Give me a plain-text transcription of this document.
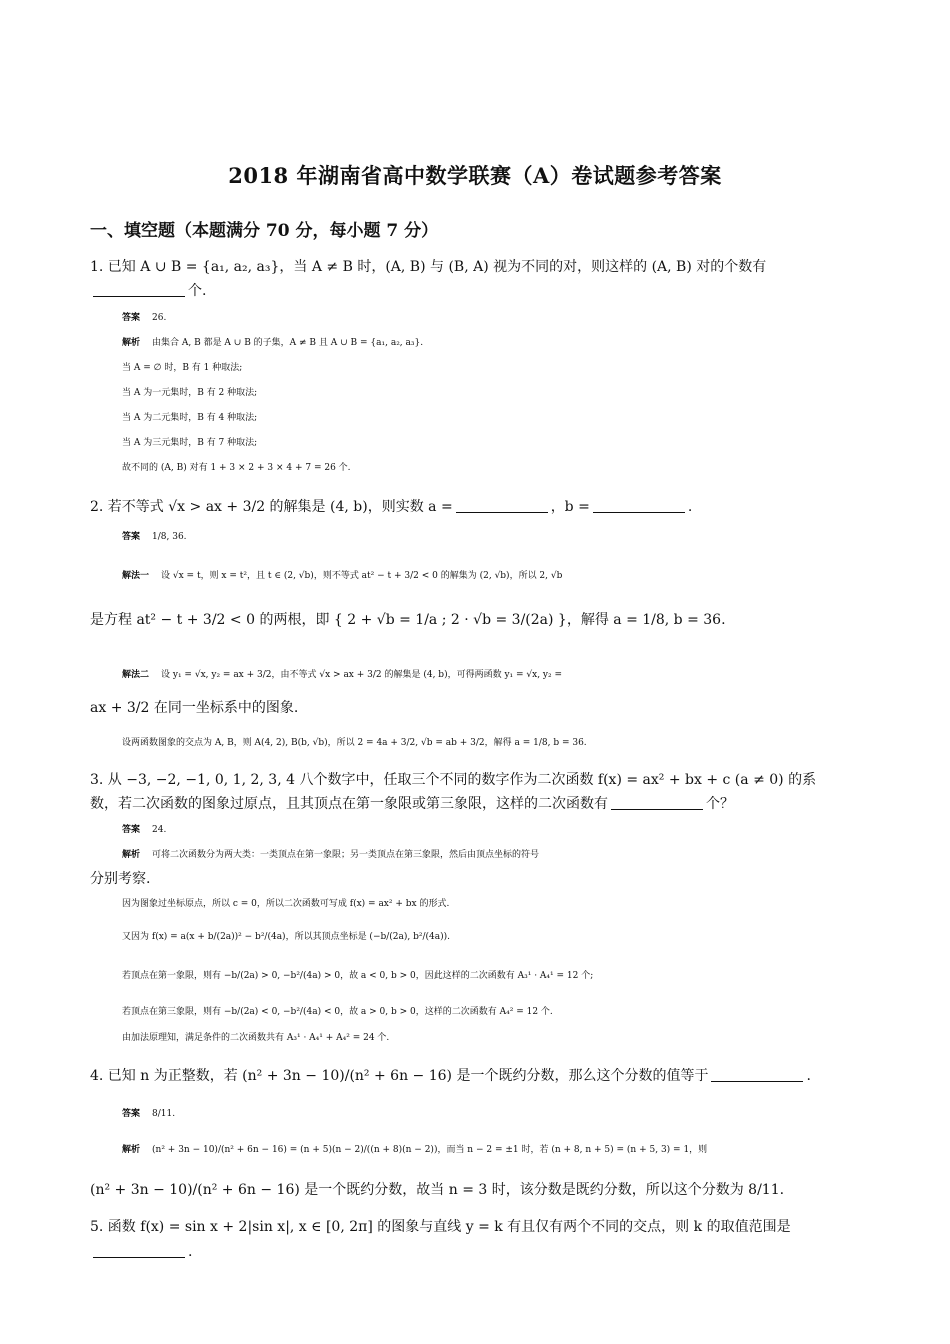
2018 年湖南省高中数学联赛（A）卷试题参考答案
一、填空题（本题满分 70 分，每小题 7 分）
1. 已知 A ∪ B = {a₁, a₂, a₃}，当 A ≠ B 时，(A, B) 与 (B, A) 视为不同的对，则这样的 (A, B) 对的个数有
个.
答案 26.
解析 由集合 A, B 都是 A ∪ B 的子集，A ≠ B 且 A ∪ B = {a₁, a₂, a₃}.
当 A = ∅ 时，B 有 1 种取法;
当 A 为一元集时，B 有 2 种取法;
当 A 为二元集时，B 有 4 种取法;
当 A 为三元集时，B 有 7 种取法;
故不同的 (A, B) 对有 1 + 3 × 2 + 3 × 4 + 7 = 26 个.
2. 若不等式 √x > ax + 3/2 的解集是 (4, b)，则实数 a =	，b =	.
答案 1/8, 36.
解法一 设 √x = t，则 x = t²，且 t ∈ (2, √b)，则不等式 at² − t + 3/2 < 0 的解集为 (2, √b)，所以 2, √b
是方程 at² − t + 3/2 < 0 的两根，即 { 2 + √b = 1/a ; 2 · √b = 3/(2a) }，解得 a = 1/8, b = 36.
解法二 设 y₁ = √x, y₂ = ax + 3/2，由不等式 √x > ax + 3/2 的解集是 (4, b)，可得两函数 y₁ = √x, y₂ =
ax + 3/2 在同一坐标系中的图象.
设两函数图象的交点为 A, B，则 A(4, 2), B(b, √b)，所以 2 = 4a + 3/2, √b = ab + 3/2，解得 a = 1/8, b = 36.
3. 从 −3, −2, −1, 0, 1, 2, 3, 4 八个数字中，任取三个不同的数字作为二次函数 f(x) = ax² + bx + c (a ≠ 0) 的系
数，若二次函数的图象过原点，且其顶点在第一象限或第三象限，这样的二次函数有	个？
答案 24.
解析 可将二次函数分为两大类：一类顶点在第一象限；另一类顶点在第三象限，然后由顶点坐标的符号
分别考察.
因为图象过坐标原点，所以 c = 0，所以二次函数可写成 f(x) = ax² + bx 的形式.
又因为 f(x) = a(x + b/(2a))² − b²/(4a)，所以其顶点坐标是 (−b/(2a), b²/(4a)).
若顶点在第一象限，则有 −b/(2a) > 0, −b²/(4a) > 0，故 a < 0, b > 0，因此这样的二次函数有 A₃¹ · A₄¹ = 12 个;
若顶点在第三象限，则有 −b/(2a) < 0, −b²/(4a) < 0，故 a > 0, b > 0，这样的二次函数有 A₄² = 12 个.
由加法原理知，满足条件的二次函数共有 A₃¹ · A₄¹ + A₄² = 24 个.
4. 已知 n 为正整数，若 (n² + 3n − 10)/(n² + 6n − 16) 是一个既约分数，那么这个分数的值等于	.
答案 8/11.
解析 (n² + 3n − 10)/(n² + 6n − 16) = (n + 5)(n − 2)/((n + 8)(n − 2))，而当 n − 2 = ±1 时，若 (n + 8, n + 5) = (n + 5, 3) = 1，则
(n² + 3n − 10)/(n² + 6n − 16) 是一个既约分数，故当 n = 3 时，该分数是既约分数，所以这个分数为 8/11.
5. 函数 f(x) = sin x + 2|sin x|, x ∈ [0, 2π] 的图象与直线 y = k 有且仅有两个不同的交点，则 k 的取值范围是
.
